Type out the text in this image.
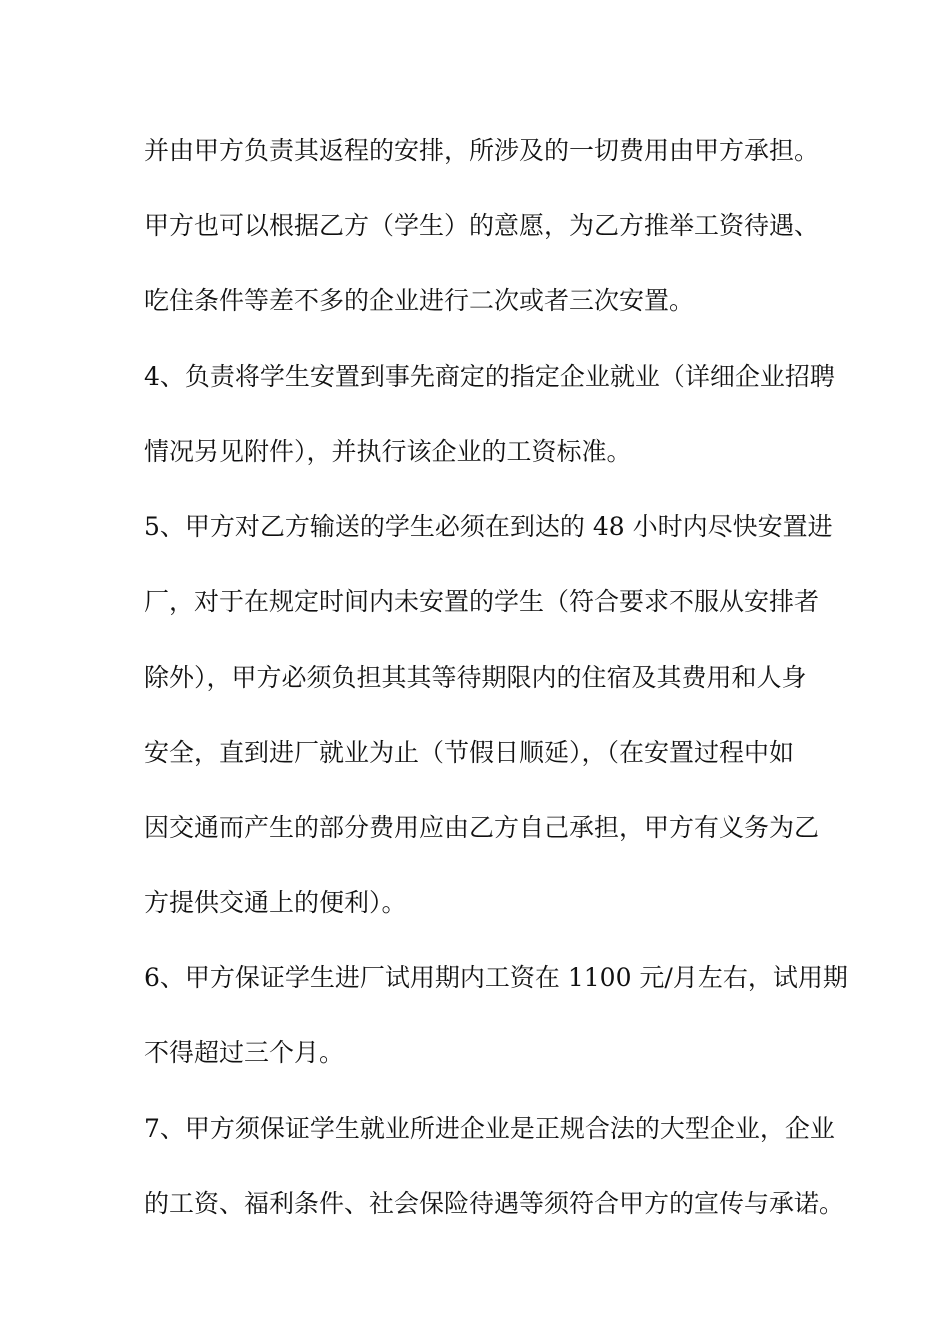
并由甲方负责其返程的安排，所涉及的一切费用由甲方承担。
甲方也可以根据乙方（学生）的意愿，为乙方推举工资待遇、
吃住条件等差不多的企业进行二次或者三次安置。
4、负责将学生安置到事先商定的指定企业就业（详细企业招聘
情况另见附件），并执行该企业的工资标准。
5、甲方对乙方输送的学生必须在到达的 48 小时内尽快安置进
厂，对于在规定时间内未安置的学生（符合要求不服从安排者
除外），甲方必须负担其其等待期限内的住宿及其费用和人身
安全，直到进厂就业为止（节假日顺延），（在安置过程中如
因交通而产生的部分费用应由乙方自己承担，甲方有义务为乙
方提供交通上的便利）。
6、甲方保证学生进厂试用期内工资在 1100 元/月左右，试用期
不得超过三个月。
7、甲方须保证学生就业所进企业是正规合法的大型企业，企业
的工资、福利条件、社会保险待遇等须符合甲方的宣传与承诺。
